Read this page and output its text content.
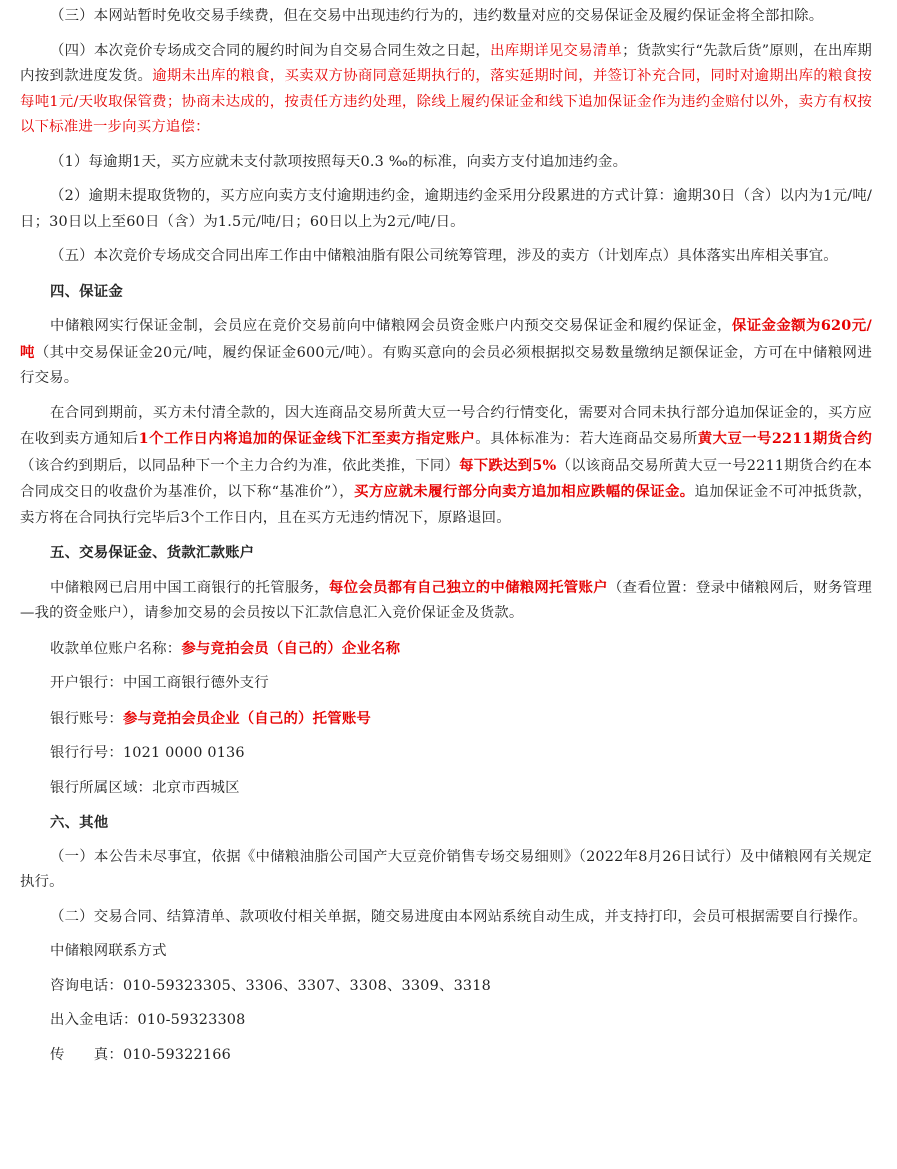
（三）本网站暂时免收交易手续费，但在交易中出现违约行为的，违约数量对应的交易保证金及履约保证金将全部扣除。

（四）本次竞价专场成交合同的履约时间为自交易合同生效之日起，出库期详见交易清单；货款实行“先款后货”原则，在出库期内按到款进度发货。逾期未出库的粮食，买卖双方协商同意延期执行的，落实延期时间，并签订补充合同，同时对逾期出库的粮食按每吨1元/天收取保管费；协商未达成的，按责任方违约处理，除线上履约保证金和线下追加保证金作为违约金赔付以外，卖方有权按以下标准进一步向买方追偿：

（1）每逾期1天，买方应就未支付款项按照每天0.3 ‰的标准，向卖方支付追加违约金。

（2）逾期未提取货物的，买方应向卖方支付逾期违约金，逾期违约金采用分段累进的方式计算：逾期30日（含）以内为1元/吨/日；30日以上至60日（含）为1.5元/吨/日；60日以上为2元/吨/日。

（五）本次竞价专场成交合同出库工作由中储粮油脂有限公司统筹管理，涉及的卖方（计划库点）具体落实出库相关事宜。

四、保证金

中储粮网实行保证金制，会员应在竞价交易前向中储粮网会员资金账户内预交交易保证金和履约保证金，保证金金额为620元/吨（其中交易保证金20元/吨，履约保证金600元/吨）。有购买意向的会员必须根据拟交易数量缴纳足额保证金，方可在中储粮网进行交易。

在合同到期前，买方未付清全款的，因大连商品交易所黄大豆一号合约行情变化，需要对合同未执行部分追加保证金的，买方应在收到卖方通知后1个工作日内将追加的保证金线下汇至卖方指定账户。具体标准为：若大连商品交易所黄大豆一号2211期货合约（该合约到期后，以同品种下一个主力合约为准，依此类推，下同）每下跌达到5%（以该商品交易所黄大豆一号2211期货合约在本合同成交日的收盘价为基准价，以下称“基准价”），买方应就未履行部分向卖方追加相应跌幅的保证金。追加保证金不可冲抵货款，卖方将在合同执行完毕后3个工作日内，且在买方无违约情况下，原路退回。

五、交易保证金、货款汇款账户

中储粮网已启用中国工商银行的托管服务，每位会员都有自己独立的中储粮网托管账户（查看位置：登录中储粮网后，财务管理—我的资金账户），请参加交易的会员按以下汇款信息汇入竞价保证金及货款。

收款单位账户名称：参与竞拍会员（自己的）企业名称

开户银行：中国工商银行德外支行

银行账号：参与竞拍会员企业（自己的）托管账号

银行行号：1021 0000 0136

银行所属区域：北京市西城区

六、其他

（一）本公告未尽事宜，依据《中储粮油脂公司国产大豆竞价销售专场交易细则》（2022年8月26日试行）及中储粮网有关规定执行。

（二）交易合同、结算清单、款项收付相关单据，随交易进度由本网站系统自动生成，并支持打印，会员可根据需要自行操作。

中储粮网联系方式

咨询电话：010-59323305、3306、3307、3308、3309、3318

出入金电话：010-59323308

传　　真：010-59322166
